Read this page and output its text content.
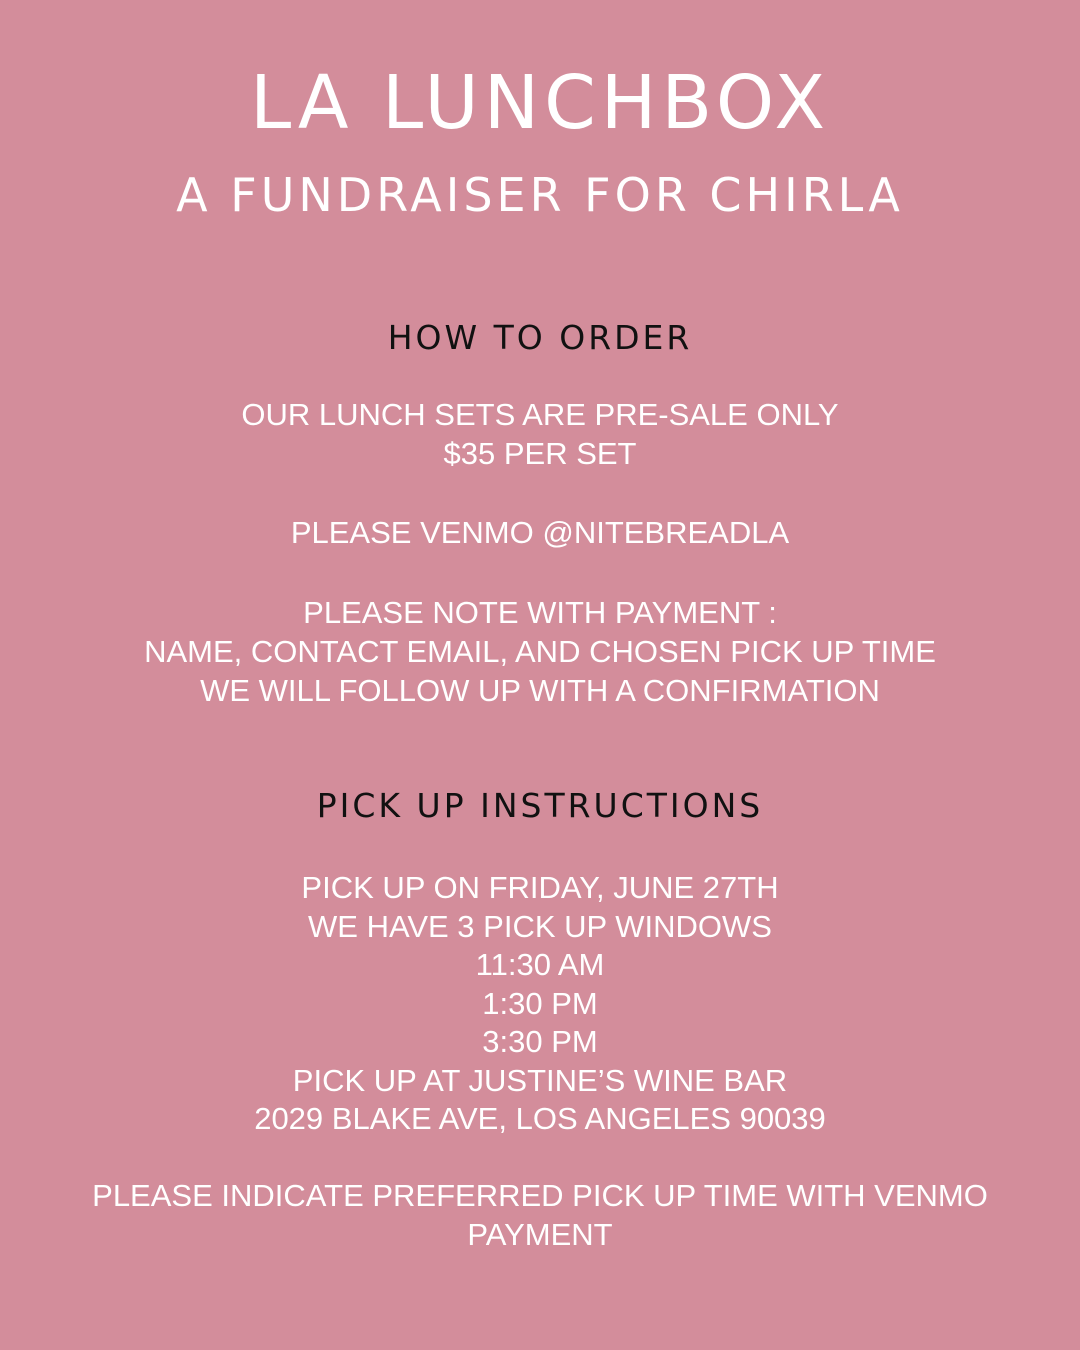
LA LUNCHBOX
A FUNDRAISER FOR CHIRLA
HOW TO ORDER
OUR LUNCH SETS ARE PRE-SALE ONLY
$35 PER SET
PLEASE VENMO @NITEBREADLA
PLEASE NOTE WITH PAYMENT :
NAME, CONTACT EMAIL, AND CHOSEN PICK UP TIME
WE WILL FOLLOW UP WITH A CONFIRMATION
PICK UP INSTRUCTIONS
PICK UP ON FRIDAY, JUNE 27TH
WE HAVE 3 PICK UP WINDOWS
11:30 AM
1:30 PM
3:30 PM
PICK UP AT JUSTINE’S WINE BAR
2029 BLAKE AVE, LOS ANGELES 90039
PLEASE INDICATE PREFERRED PICK UP TIME WITH VENMO
PAYMENT
